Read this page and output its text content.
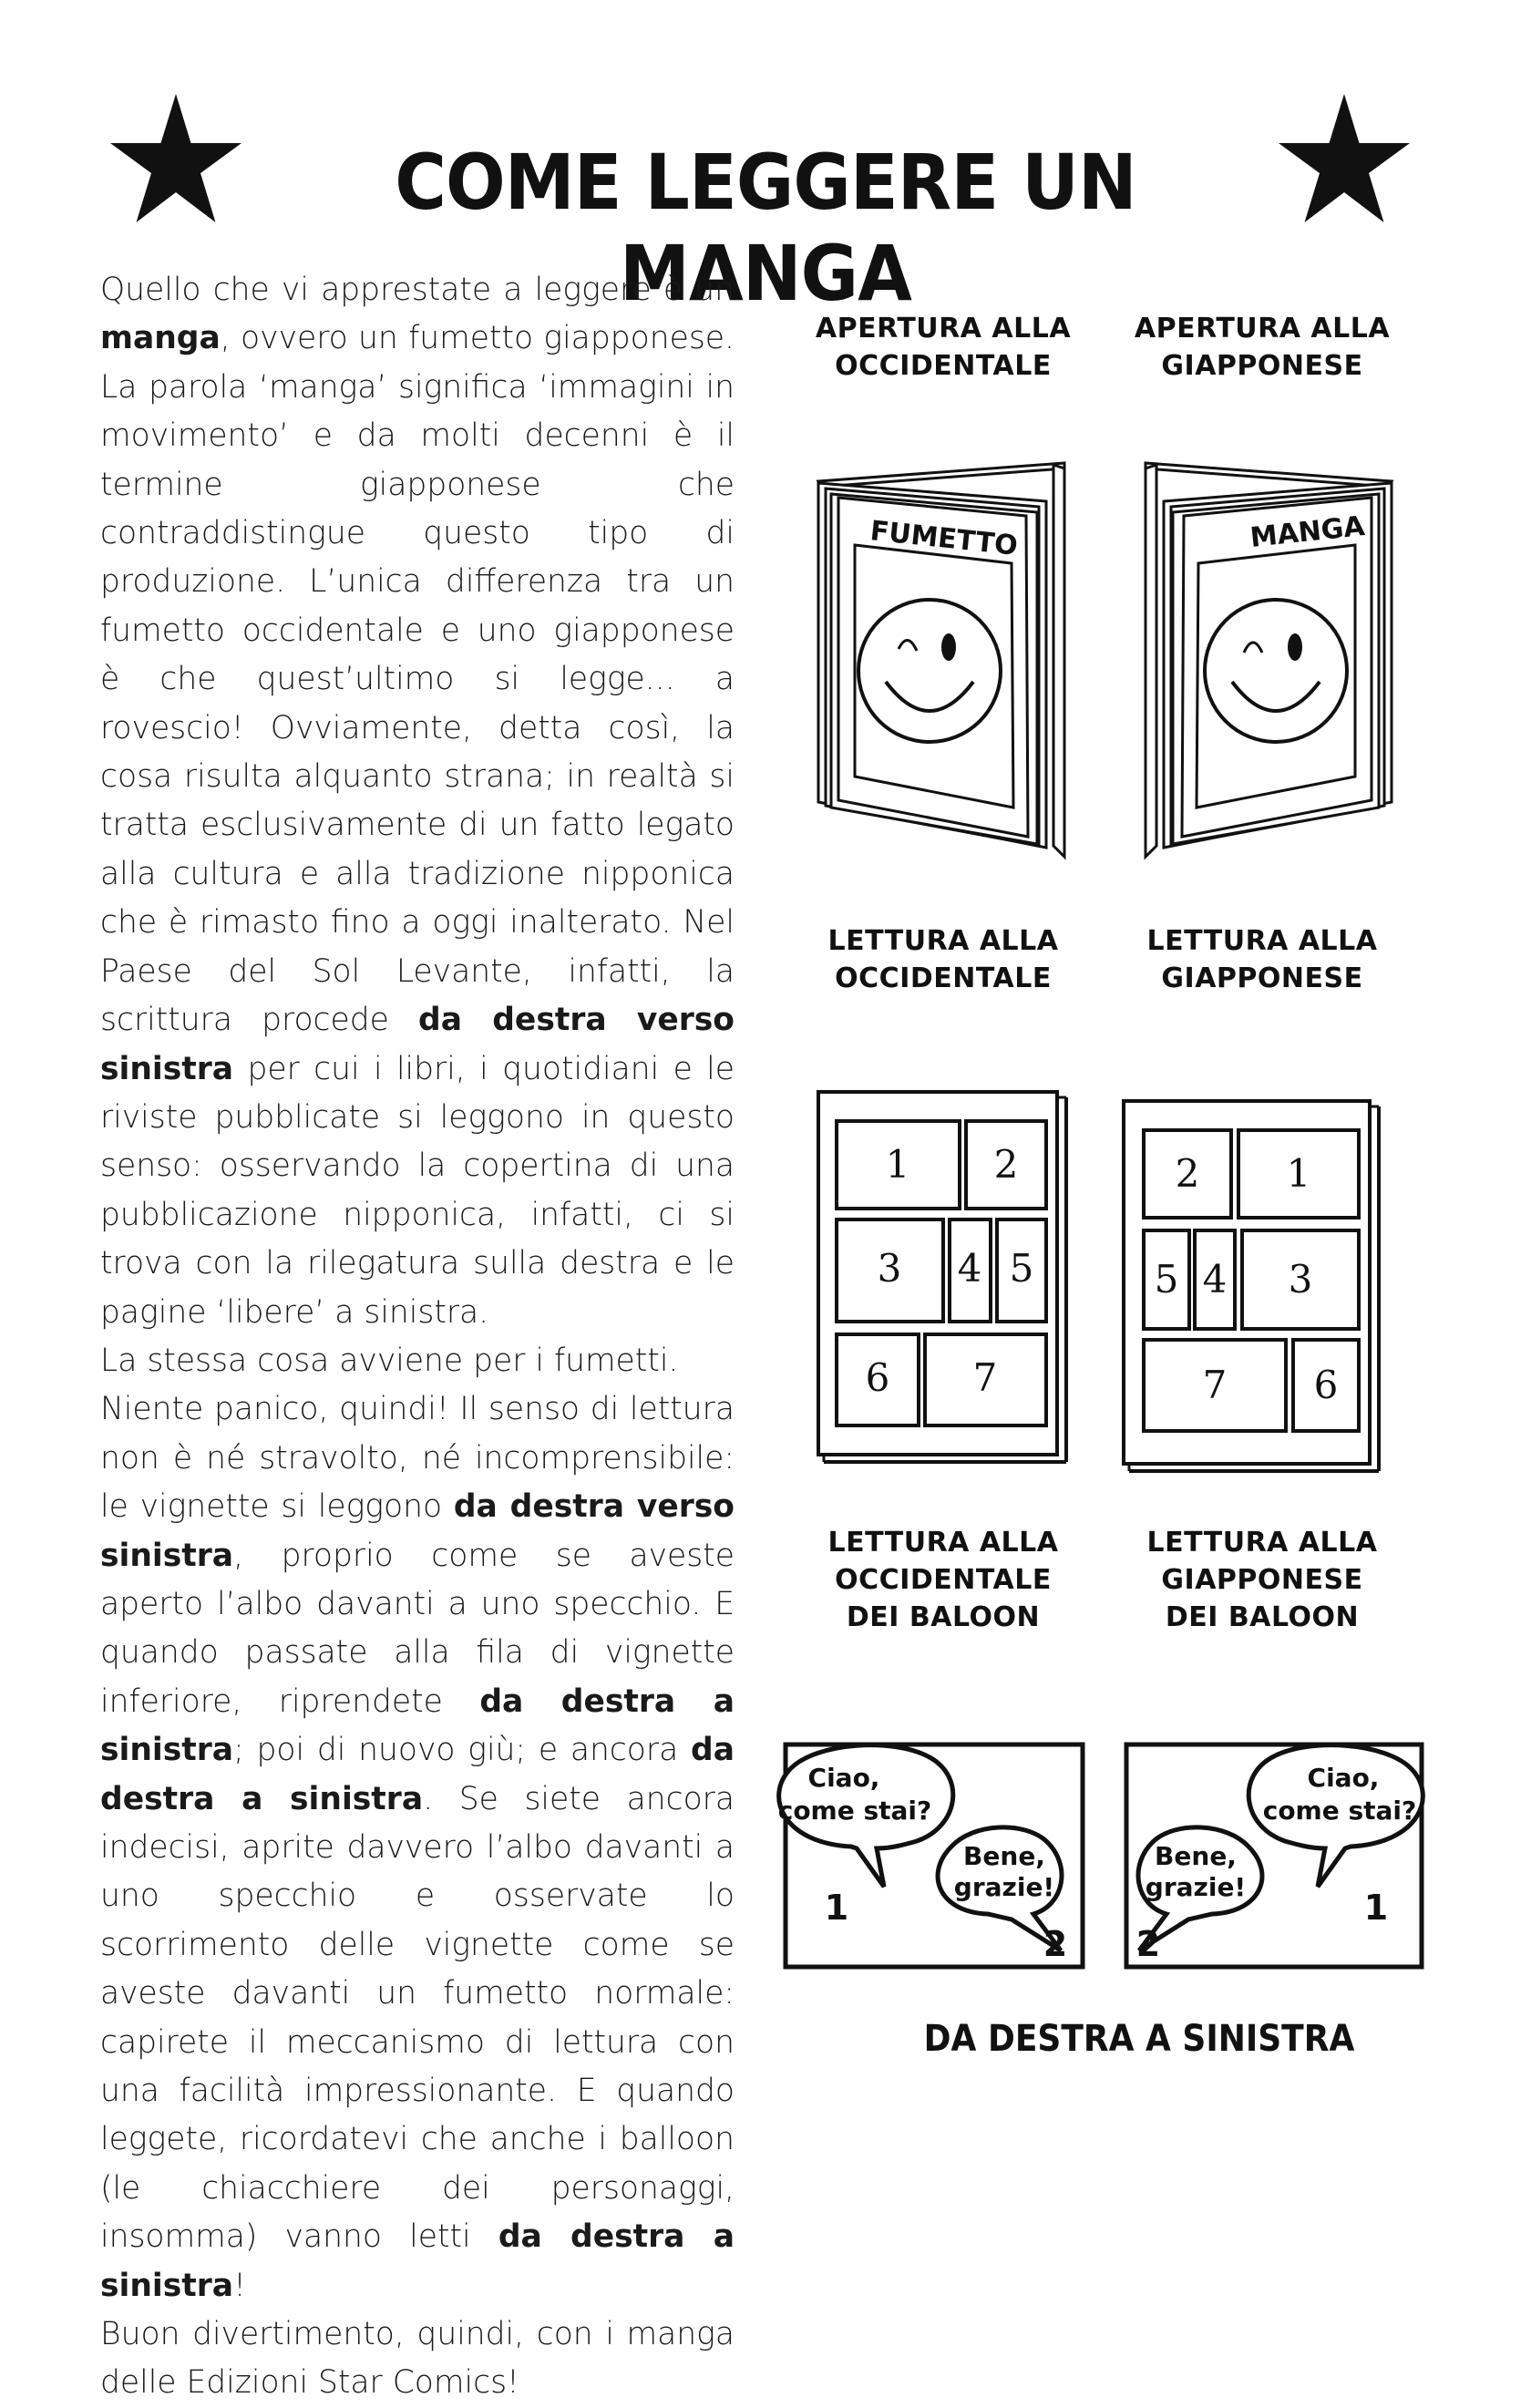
COME LEGGERE UN MANGA

Quello che vi apprestate a leggere è un manga, ovvero un fumetto giapponese. La parola ‘manga’ significa ‘immagini in movimento’ e da molti decenni è il termine giapponese che contraddistingue questo tipo di produzione. L’unica differenza tra un fumetto occidentale e uno giapponese è che quest’ultimo si legge... a rovescio! Ovviamente, detta così, la cosa risulta alquanto strana; in realtà si tratta esclusivamente di un fatto legato alla cultura e alla tradizione nipponica che è rimasto fino a oggi inalterato. Nel Paese del Sol Levante, infatti, la scrittura procede da destra verso sinistra per cui i libri, i quotidiani e le riviste pubblicate si leggono in questo senso: osservando la copertina di una pubblicazione nipponica, infatti, ci si trova con la rilegatura sulla destra e le pagine ‘libere’ a sinistra.

La stessa cosa avviene per i fumetti.

Niente panico, quindi! Il senso di lettura non è né stravolto, né incomprensibile: le vignette si leggono da destra verso sinistra, proprio come se aveste aperto l’albo davanti a uno specchio. E quando passate alla fila di vignette inferiore, riprendete da destra a sinistra; poi di nuovo giù; e ancora da destra a sinistra. Se siete ancora indecisi, aprite davvero l’albo davanti a uno specchio e osservate lo scorrimento delle vignette come se aveste davanti un fumetto normale: capirete il meccanismo di lettura con una facilità impressionante. E quando leggete, ricordatevi che anche i balloon (le chiacchiere dei personaggi, insomma) vanno letti da destra a sinistra!

Buon divertimento, quindi, con i manga delle Edizioni Star Comics!

APERTURA ALLA
OCCIDENTALE
APERTURA ALLA
GIAPPONESE
FUMETTO	MANGA
LETTURA ALLA
OCCIDENTALE
LETTURA ALLA
GIAPPONESE
1 2
3 4 5
6 7
2 1
5 4 3
7 6
LETTURA ALLA
OCCIDENTALE
DEI BALOON
LETTURA ALLA
GIAPPONESE
DEI BALOON
Ciao,
come stai?
Bene,
grazie!
1
2
Ciao,
come stai?
Bene,
grazie!
1
2
DA DESTRA A SINISTRA
